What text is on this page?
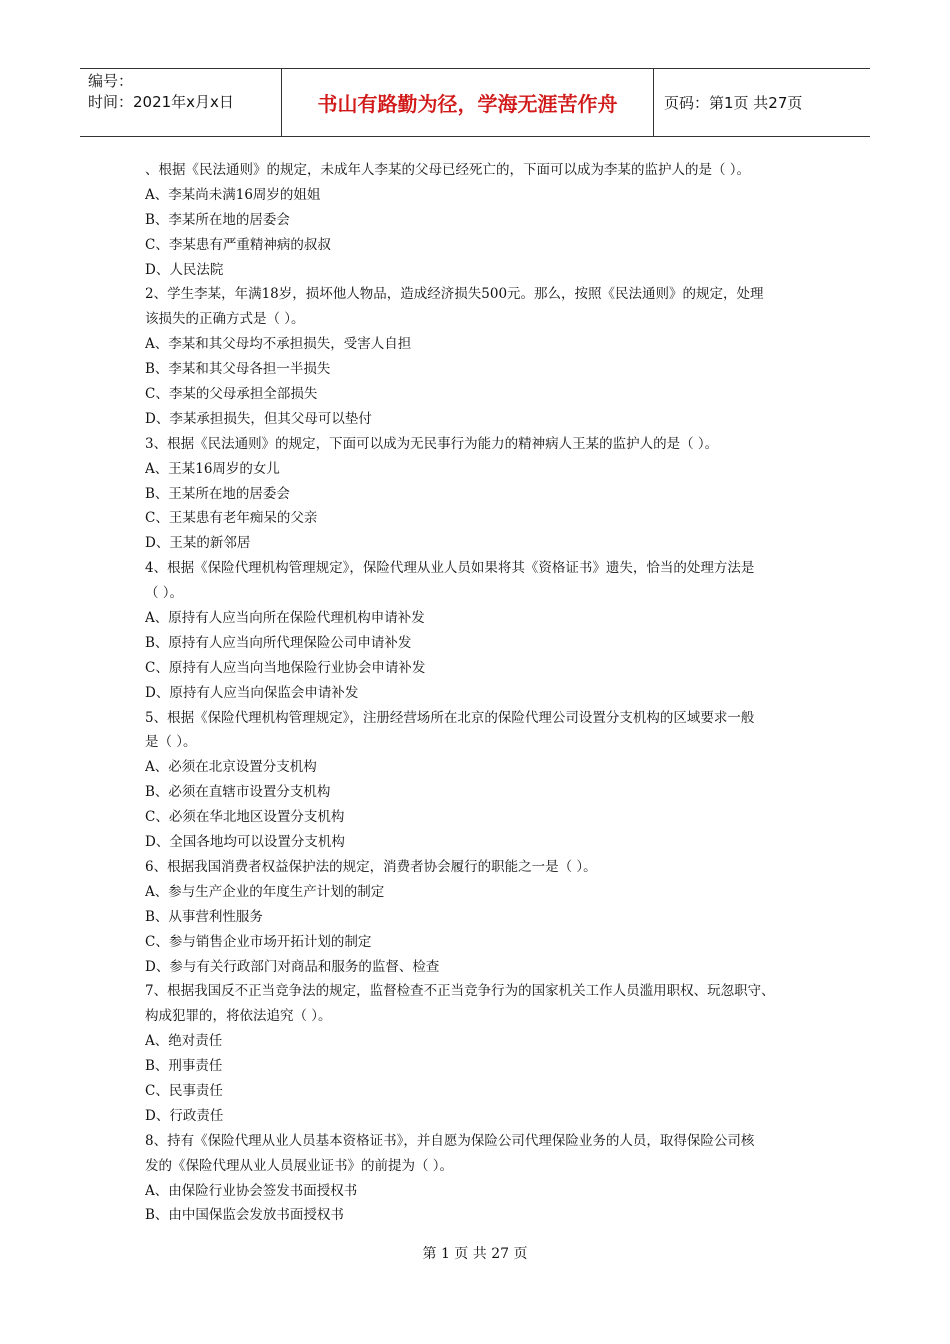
编号：
时间：2021年x月x日	书山有路勤为径，学海无涯苦作舟	页码：第1页 共27页
、根据《民法通则》的规定，未成年人李某的父母已经死亡的，下面可以成为李某的监护人的是（ ）。
A、李某尚未满16周岁的姐姐
B、李某所在地的居委会
C、李某患有严重精神病的叔叔
D、人民法院
2、学生李某，年满18岁，损坏他人物品，造成经济损失500元。那么，按照《民法通则》的规定，处理
该损失的正确方式是（ ）。
A、李某和其父母均不承担损失，受害人自担
B、李某和其父母各担一半损失
C、李某的父母承担全部损失
D、李某承担损失，但其父母可以垫付
3、根据《民法通则》的规定，下面可以成为无民事行为能力的精神病人王某的监护人的是（ ）。
A、王某16周岁的女儿
B、王某所在地的居委会
C、王某患有老年痴呆的父亲
D、王某的新邻居
4、根据《保险代理机构管理规定》，保险代理从业人员如果将其《资格证书》遗失，恰当的处理方法是
（ ）。
A、原持有人应当向所在保险代理机构申请补发
B、原持有人应当向所代理保险公司申请补发
C、原持有人应当向当地保险行业协会申请补发
D、原持有人应当向保监会申请补发
5、根据《保险代理机构管理规定》，注册经营场所在北京的保险代理公司设置分支机构的区域要求一般
是（ ）。
A、必须在北京设置分支机构
B、必须在直辖市设置分支机构
C、必须在华北地区设置分支机构
D、全国各地均可以设置分支机构
6、根据我国消费者权益保护法的规定，消费者协会履行的职能之一是（ ）。
A、参与生产企业的年度生产计划的制定
B、从事营利性服务
C、参与销售企业市场开拓计划的制定
D、参与有关行政部门对商品和服务的监督、检查
7、根据我国反不正当竞争法的规定，监督检查不正当竞争行为的国家机关工作人员滥用职权、玩忽职守、
构成犯罪的，将依法追究（ ）。
A、绝对责任
B、刑事责任
C、民事责任
D、行政责任
8、持有《保险代理从业人员基本资格证书》，并自愿为保险公司代理保险业务的人员，取得保险公司核
发的《保险代理从业人员展业证书》的前提为（ ）。
A、由保险行业协会签发书面授权书
B、由中国保监会发放书面授权书
第 1 页 共 27 页
